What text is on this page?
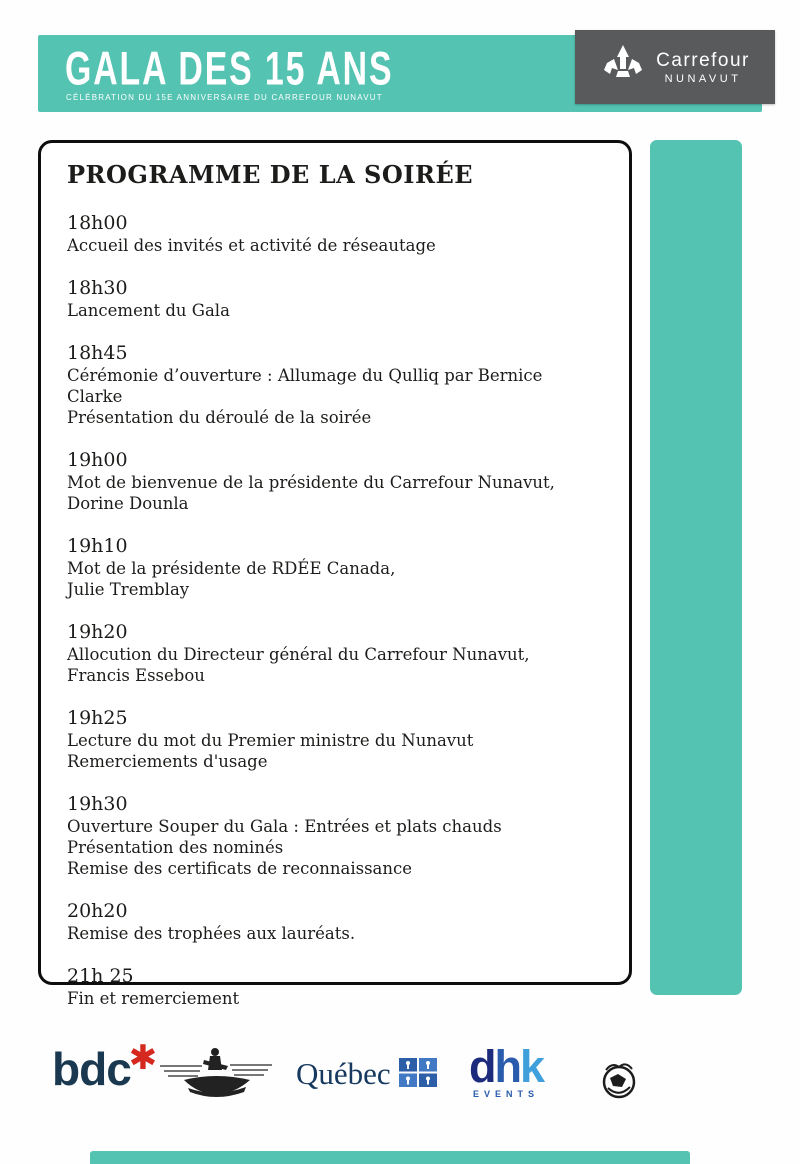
GALA DES 15 ANS
CÉLÉBRATION DU 15E ANNIVERSAIRE DU CARREFOUR NUNAVUT
Carrefour
NUNAVUT
PROGRAMME DE LA SOIRÉE
18h00
Accueil des invités et activité de réseautage
18h30
Lancement du Gala
18h45
Cérémonie d’ouverture : Allumage du Qulliq par Bernice Clarke
Présentation du déroulé de la soirée
19h00
Mot de bienvenue de la présidente du Carrefour Nunavut,
Dorine Dounla
19h10
Mot de la présidente de RDÉE Canada,
Julie Tremblay
19h20
Allocution du Directeur général du Carrefour Nunavut,
Francis Essebou
19h25
Lecture du mot du Premier ministre du Nunavut
Remerciements d'usage
19h30
Ouverture Souper du Gala : Entrées et plats chauds
Présentation des nominés
Remise des certificats de reconnaissance
20h20
Remise des trophées aux lauréats.
21h 25
Fin et remerciement
bdc✱	Québec dhk
EVENTS
